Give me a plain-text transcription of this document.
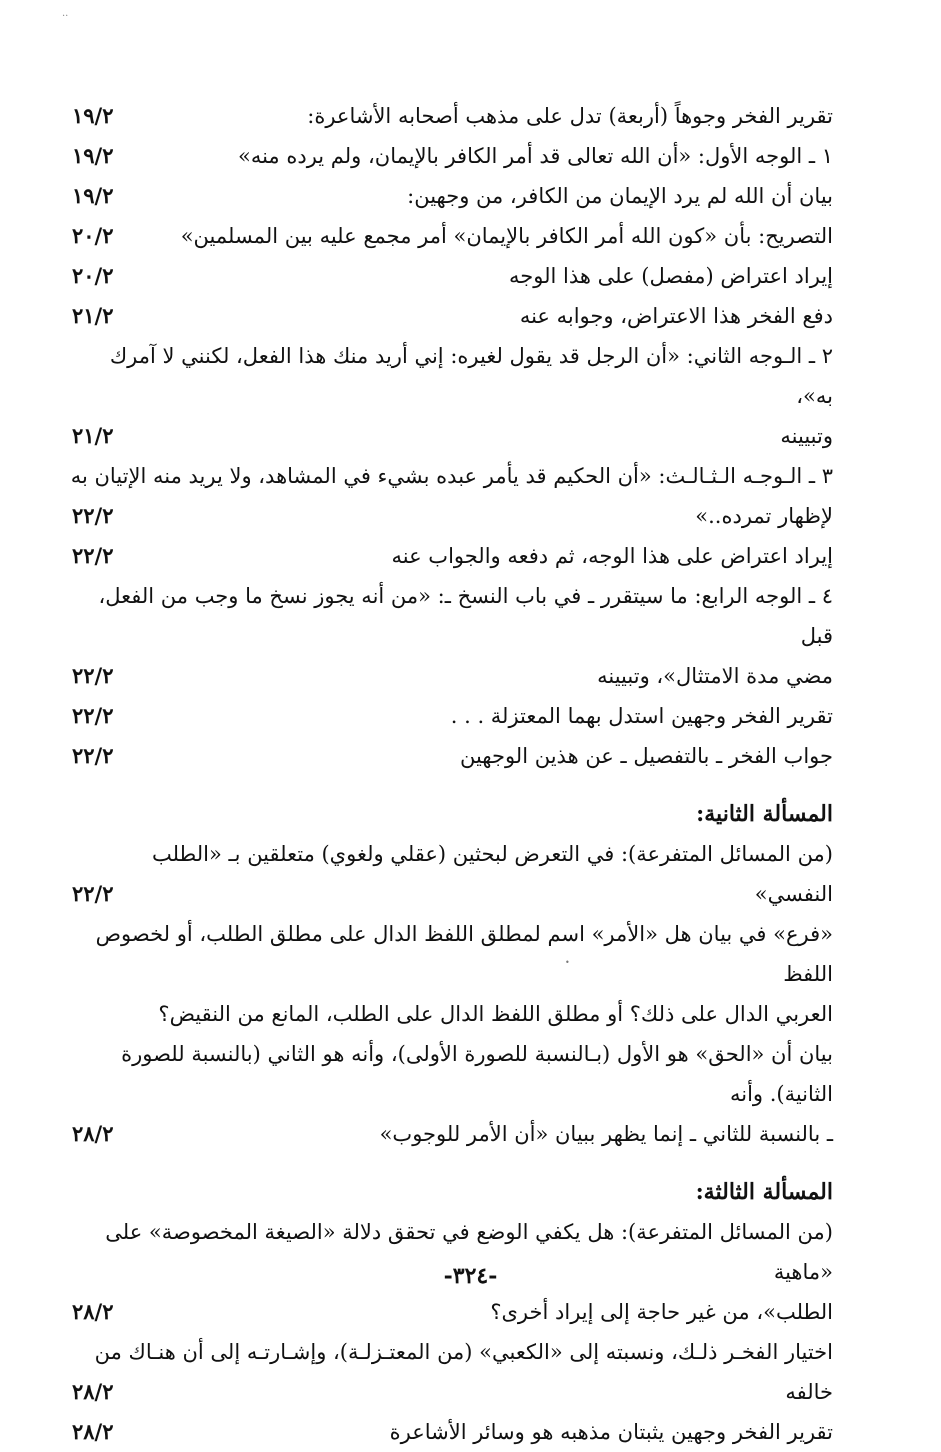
..
•
تقرير الفخر وجوهاً (أربعة) تدل على مذهب أصحابه الأشاعرة:
١٩/٢
١ ـ الوجه الأول: «أن الله تعالى قد أمر الكافر بالإيمان، ولم يرده منه»
١٩/٢
بيان أن الله لم يرد الإيمان من الكافر، من وجهين:
١٩/٢
التصريح: بأن «كون الله أمر الكافر بالإيمان» أمر مجمع عليه بين المسلمين»
٢٠/٢
إيراد اعتراض (مفصل) على هذا الوجه
٢٠/٢
دفع الفخر هذا الاعتراض، وجوابه عنه
٢١/٢
٢ ـ الـوجه الثاني: «أن الرجل قد يقول لغيره: إني أريد منك هذا الفعل، لكنني لا آمرك به»،
وتبيينه
٢١/٢
٣ ـ الـوجـه الـثـالـث: «أن الحكيم قد يأمر عبده بشيء في المشاهد، ولا يريد منه الإتيان به
لإظهار تمرده..»
٢٢/٢
إيراد اعتراض على هذا الوجه، ثم دفعه والجواب عنه
٢٢/٢
٤ ـ الوجه الرابع: ما سيتقرر ـ في باب النسخ ـ: «من أنه يجوز نسخ ما وجب من الفعل، قبل
مضي مدة الامتثال»، وتبيينه
٢٢/٢
تقرير الفخر وجهين استدل بهما المعتزلة . . .
٢٢/٢
جواب الفخر ـ بالتفصيل ـ عن هذين الوجهين
٢٢/٢
المسألة الثانية:
(من المسائل المتفرعة): في التعرض لبحثين (عقلي ولغوي) متعلقين بـ «الطلب النفسي»
٢٢/٢
«فرع» في بيان هل «الأمر» اسم لمطلق اللفظ الدال على مطلق الطلب، أو لخصوص اللفظ
العربي الدال على ذلك؟ أو مطلق اللفظ الدال على الطلب، المانع من النقيض؟
بيان أن «الحق» هو الأول (بـالنسبة للصورة الأولى)، وأنه هو الثاني (بالنسبة للصورة الثانية). وأنه
ـ بالنسبة للثاني ـ إنما يظهر ببيان «أن الأمر للوجوب»
٢٨/٢
المسألة الثالثة:
(من المسائل المتفرعة): هل يكفي الوضع في تحقق دلالة «الصيغة المخصوصة» على «ماهية
الطلب»، من غير حاجة إلى إيراد أخرى؟
٢٨/٢
اختيار الفخـر ذلـك، ونسبته إلى «الكعبي» (من المعتـزلـة)، وإشـارتـه إلى أن هنـاك من
خالفه
٢٨/٢
تقرير الفخر وجهين يثبتان مذهبه هو وسائر الأشاعرة
٢٨/٢
-٣٢٤-
